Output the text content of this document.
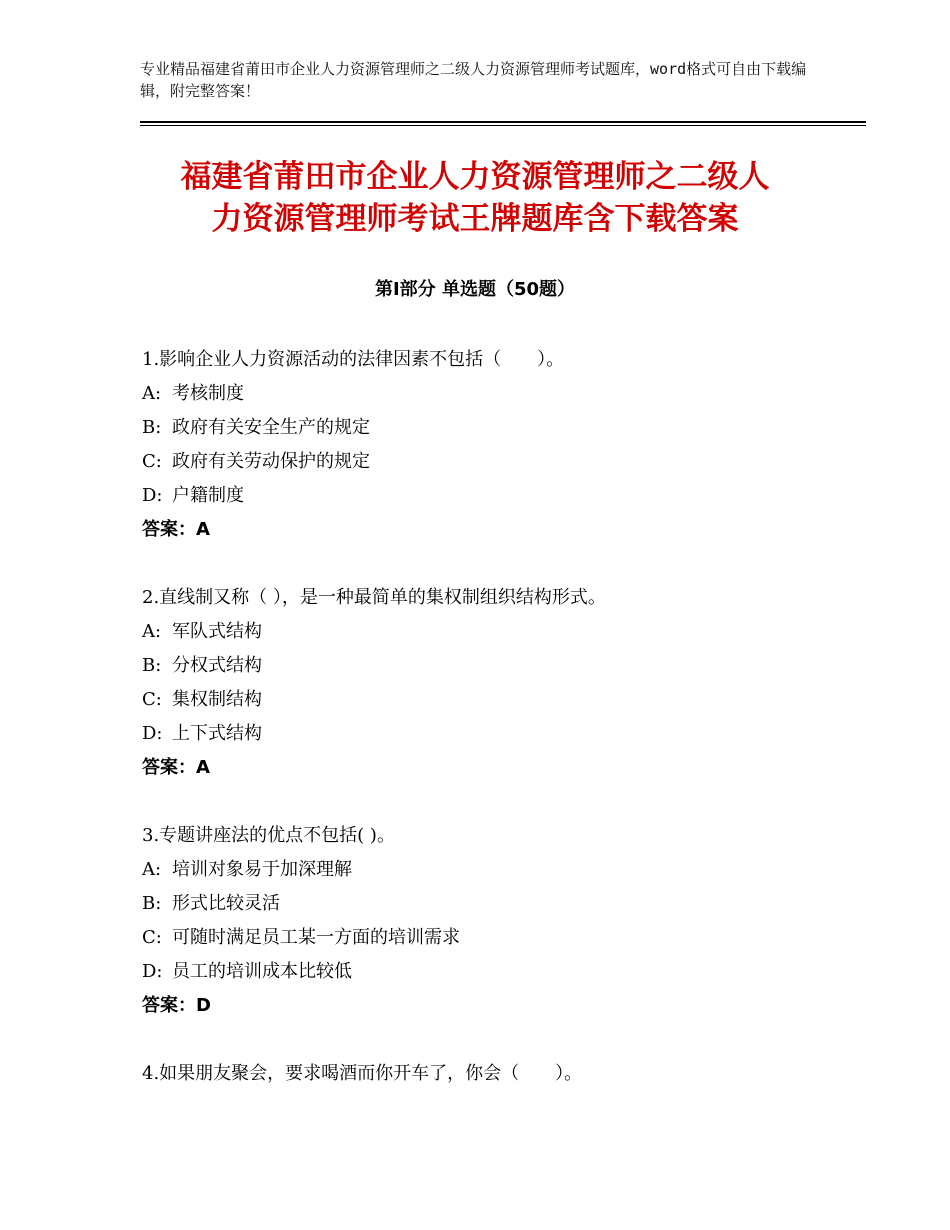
专业精品福建省莆田市企业人力资源管理师之二级人力资源管理师考试题库，word格式可自由下载编辑，附完整答案！

福建省莆田市企业人力资源管理师之二级人
力资源管理师考试王牌题库含下载答案
第Ⅰ部分 单选题（50题）
1.影响企业人力资源活动的法律因素不包括（　　）。
A: 考核制度
B: 政府有关安全生产的规定
C: 政府有关劳动保护的规定
D: 户籍制度
答案：A
2.直线制又称（ ），是一种最简单的集权制组织结构形式。
A: 军队式结构
B: 分权式结构
C: 集权制结构
D: 上下式结构
答案：A
3.专题讲座法的优点不包括( )。
A: 培训对象易于加深理解
B: 形式比较灵活
C: 可随时满足员工某一方面的培训需求
D: 员工的培训成本比较低
答案：D
4.如果朋友聚会，要求喝酒而你开车了，你会（　　）。
